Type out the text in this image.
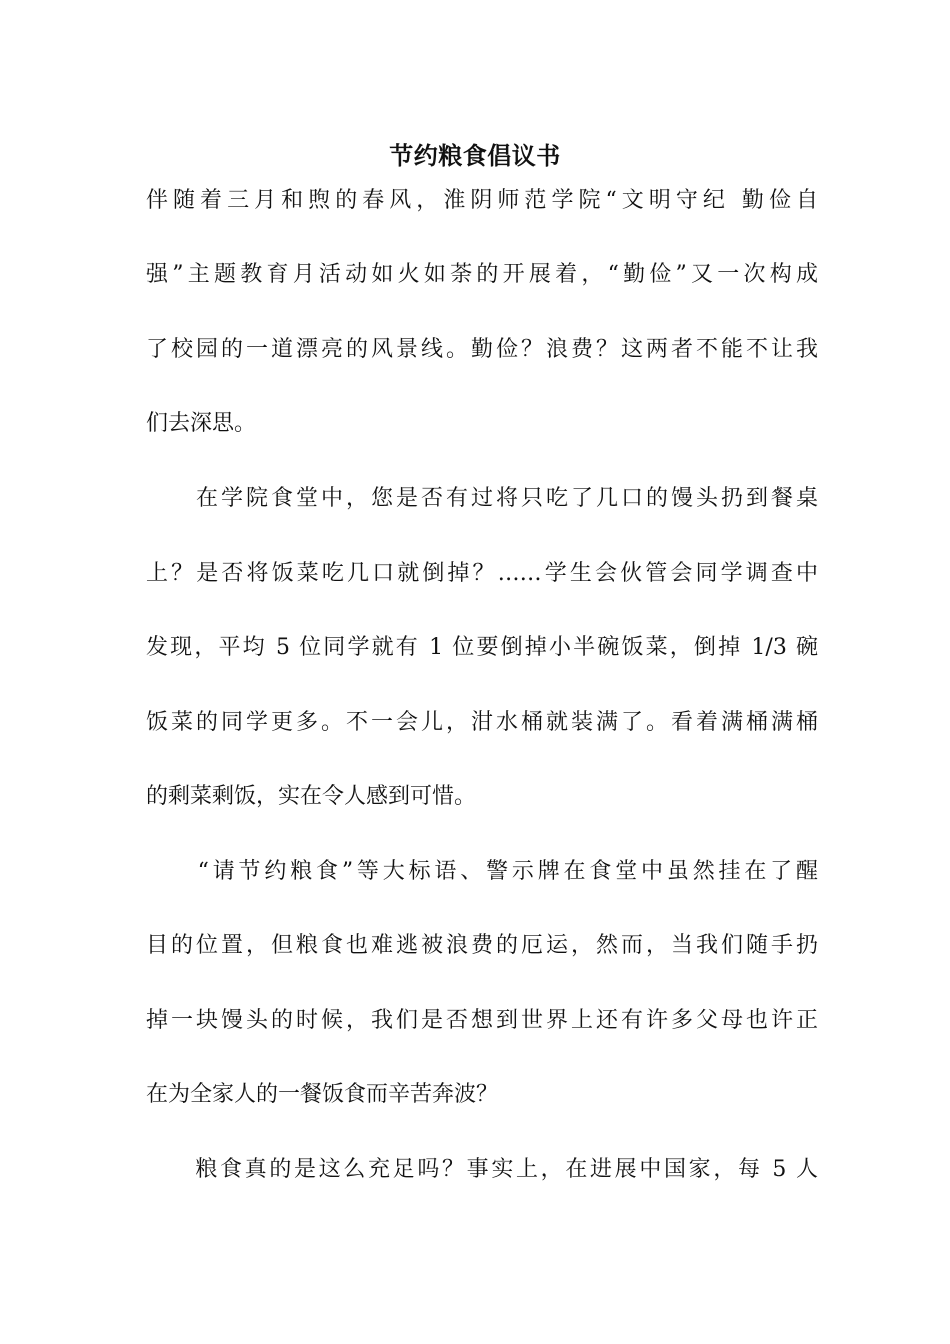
节约粮食倡议书
伴随着三月和煦的春风，淮阴师范学院“文明守纪 勤俭自
强”主题教育月活动如火如荼的开展着，“勤俭”又一次构成
了校园的一道漂亮的风景线。勤俭？浪费？这两者不能不让我
们去深思。
　　在学院食堂中，您是否有过将只吃了几口的馒头扔到餐桌
上？是否将饭菜吃几口就倒掉？……学生会伙管会同学调查中
发现，平均 5 位同学就有 1 位要倒掉小半碗饭菜，倒掉 1/3 碗
饭菜的同学更多。不一会儿，泔水桶就装满了。看着满桶满桶
的剩菜剩饭，实在令人感到可惜。
　　“请节约粮食”等大标语、警示牌在食堂中虽然挂在了醒
目的位置，但粮食也难逃被浪费的厄运，然而，当我们随手扔
掉一块馒头的时候，我们是否想到世界上还有许多父母也许正
在为全家人的一餐饭食而辛苦奔波？
　　粮食真的是这么充足吗？事实上，在进展中国家，每 5 人
